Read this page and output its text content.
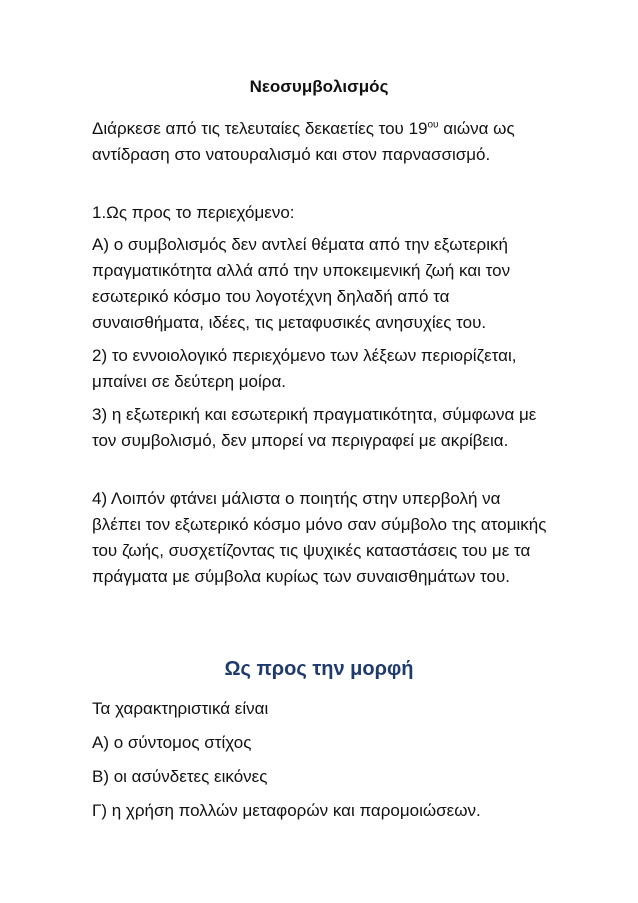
Νεοσυμβολισμός

Διάρκεσε από τις τελευταίες δεκαετίες του $19^{o\upsilon}$ αιώνα ως αντίδραση στο νατουραλισμό και στον παρνασσισμό.

1.Ως προς το περιεχόμενο:

Α) ο συμβολισμός δεν αντλεί θέματα από την εξωτερική πραγματικότητα αλλά από την υποκειμενική ζωή και τον εσωτερικό κόσμο του λογοτέχνη δηλαδή από τα συναισθήματα, ιδέες, τις μεταφυσικές ανησυχίες του.

2) το εννοιολογικό περιεχόμενο των λέξεων περιορίζεται, μπαίνει σε δεύτερη μοίρα.

3) η εξωτερική και εσωτερική πραγματικότητα, σύμφωνα με τον συμβολισμό, δεν μπορεί να περιγραφεί με ακρίβεια.

4) Λοιπόν φτάνει μάλιστα ο ποιητής στην υπερβολή να βλέπει τον εξωτερικό κόσμο μόνο σαν σύμβολο της ατομικής του ζωής, συσχετίζοντας τις ψυχικές καταστάσεις του με τα πράγματα με σύμβολα κυρίως των συναισθημάτων του.

Ως προς την μορφή

Τα χαρακτηριστικά είναι

Α) ο σύντομος στίχος

Β) οι ασύνδετες εικόνες

Γ) η χρήση πολλών μεταφορών και παρομοιώσεων.
